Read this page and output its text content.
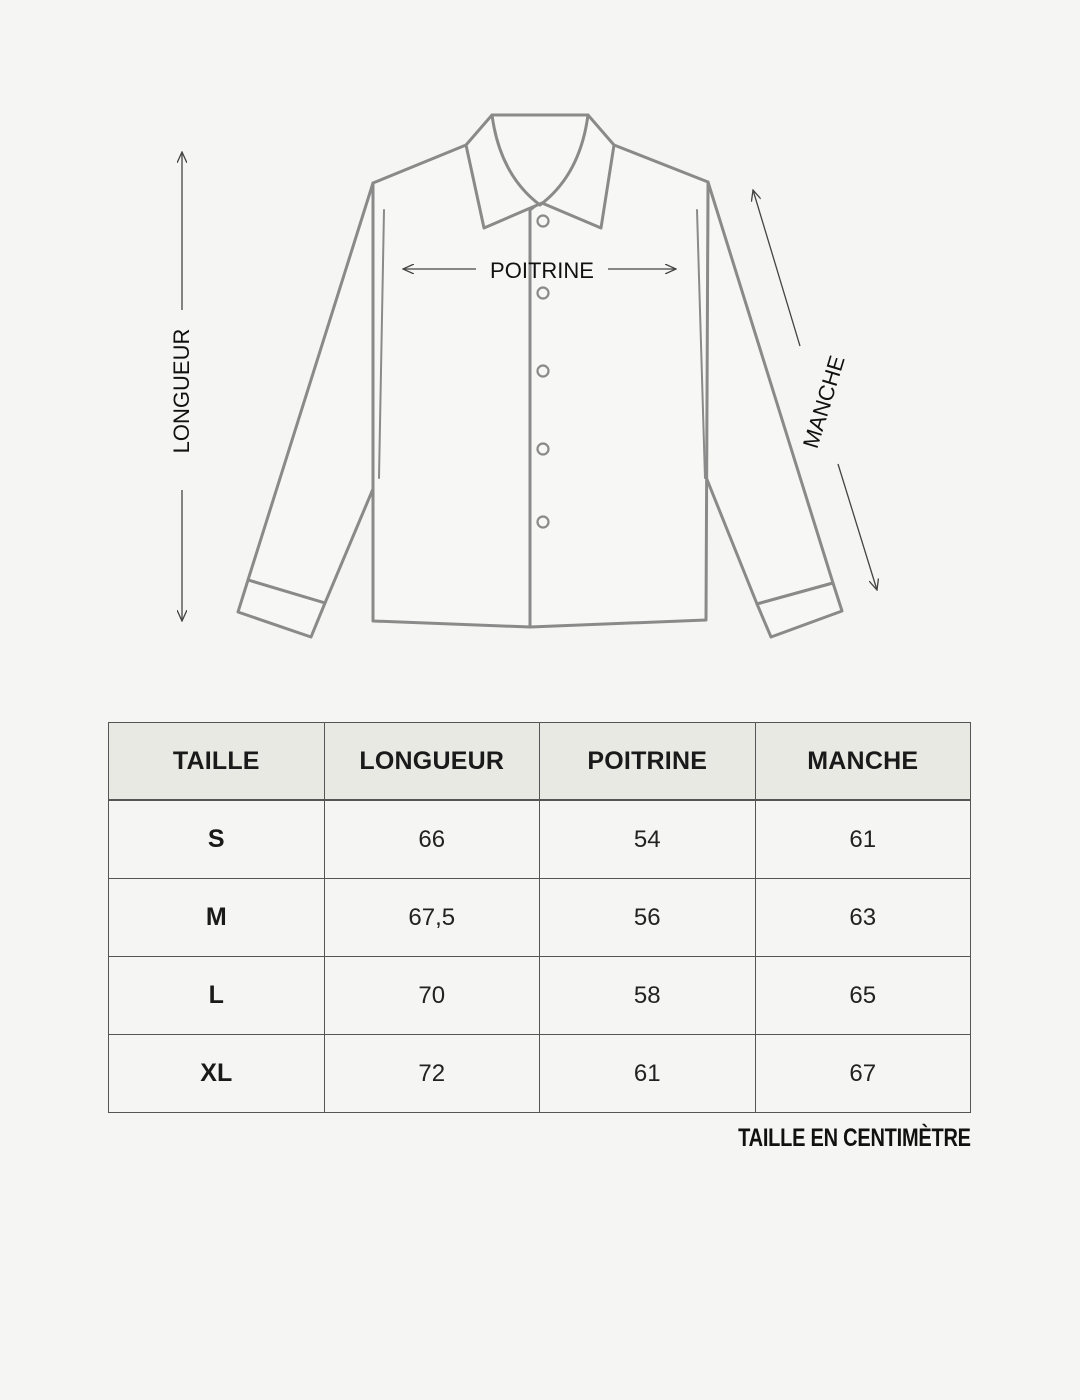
LONGUEUR
POITRINE
MANCHE
TAILLE	LONGUEUR	POITRINE	MANCHE
S	66	54	61
M	67,5	56	63
L	70	58	65
XL	72	61	67
TAILLE EN CENTIMÈTRE
